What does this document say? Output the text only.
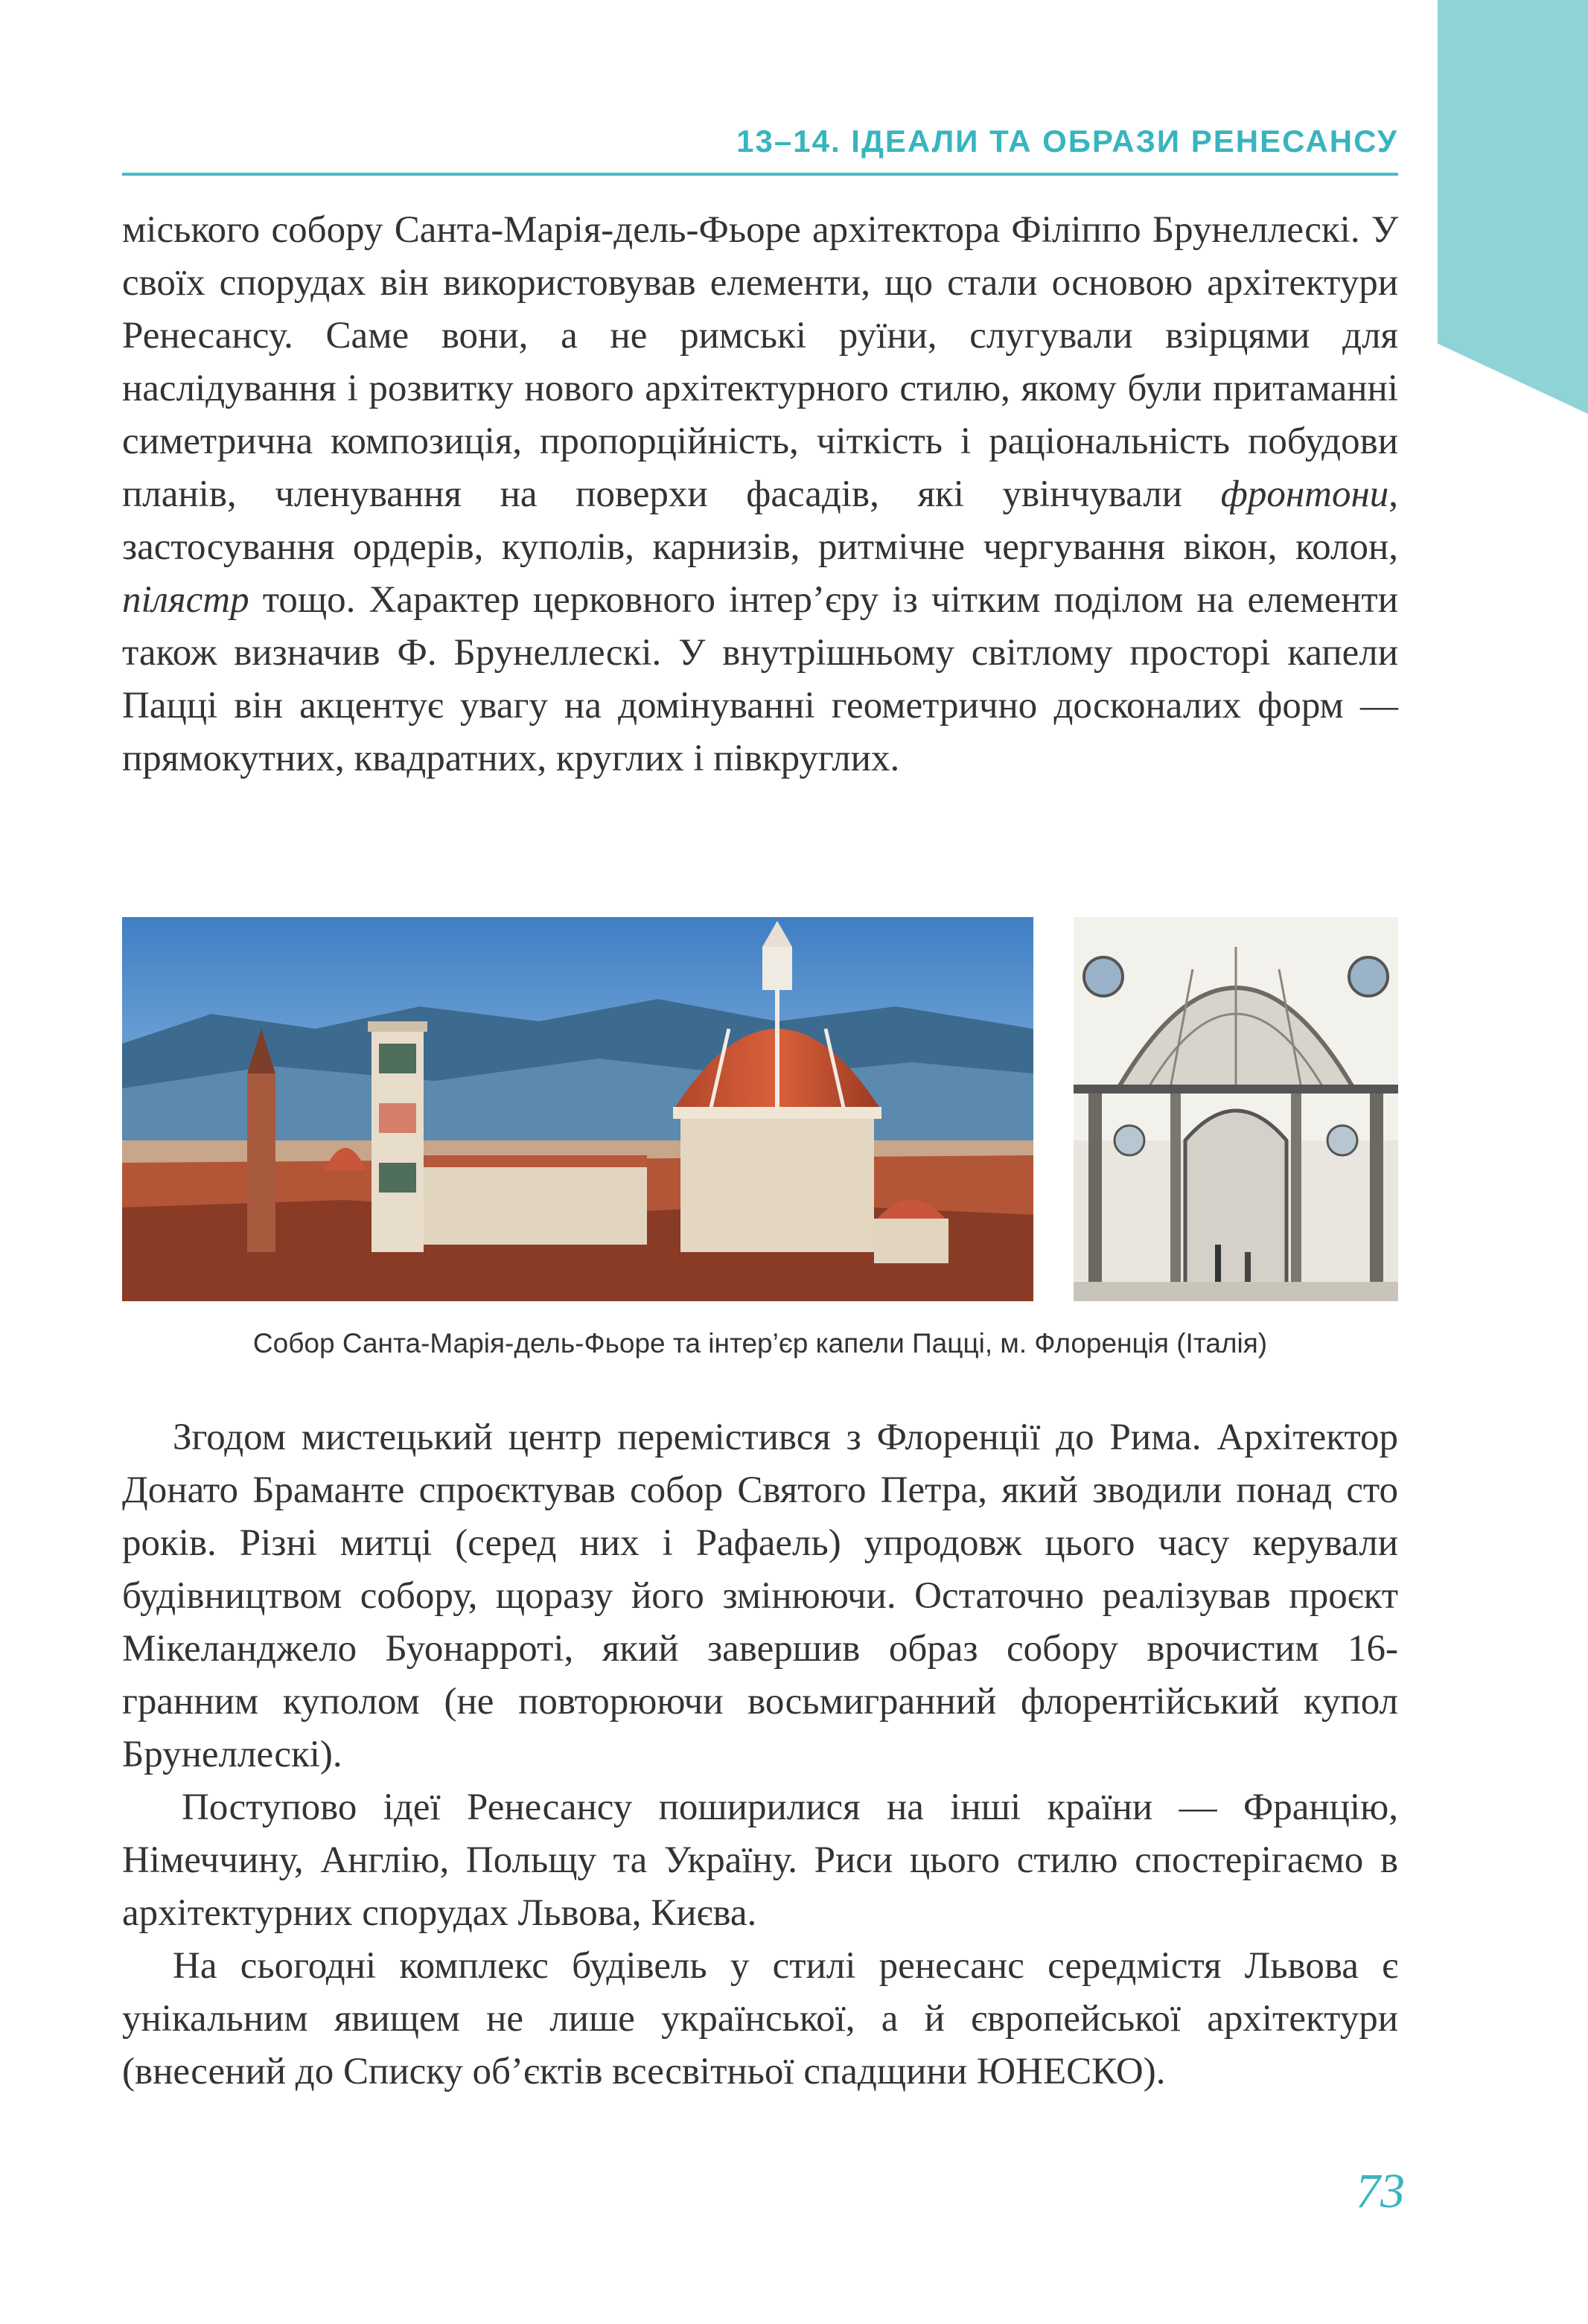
13–14. ІДЕАЛИ ТА ОБРАЗИ РЕНЕСАНСУ

міського собору Санта-Марія-дель-Фьоре архітектора Філіппо Брунеллескі. У своїх спорудах він використовував елементи, що стали основою архітектури Ренесансу. Саме вони, а не римські руїни, слугували взірцями для наслідування і розвитку нового архітектурного стилю, якому були притаманні симетрична композиція, пропорційність, чіткість і раціональність побудови планів, членування на поверхи фасадів, які увінчували фронтони, застосування ордерів, куполів, карнизів, ритмічне чергування вікон, колон, пілястр тощо. Характер церковного інтер’єру із чітким поділом на елементи також визначив Ф. Брунеллескі. У внутрішньому світлому просторі капели Пацці він акцентує увагу на домінуванні геометрично досконалих форм — прямокутних, квадратних, круглих і півкруглих.

Собор Санта-Марія-дель-Фьоре та інтер’єр капели Пацці, м. Флоренція (Італія)

Згодом мистецький центр перемістився з Флоренції до Рима. Архітектор Донато Браманте спроєктував собор Святого Петра, який зводили понад сто років. Різні митці (серед них і Рафаель) упродовж цього часу керували будівництвом собору, щоразу його змінюючи. Остаточно реалізував проєкт Мікеланджело Буонарроті, який завершив образ собору врочистим 16-гранним куполом (не повторюючи восьмигранний флорентійський купол Брунеллескі).

Поступово ідеї Ренесансу поширилися на інші країни — Францію, Німеччину, Англію, Польщу та Україну. Риси цього стилю спостерігаємо в архітектурних спорудах Львова, Києва.

На сьогодні комплекс будівель у стилі ренесанс середмістя Львова є унікальним явищем не лише української, а й європейської архітектури (внесений до Списку об’єктів всесвітньої спадщини ЮНЕСКО).

73
